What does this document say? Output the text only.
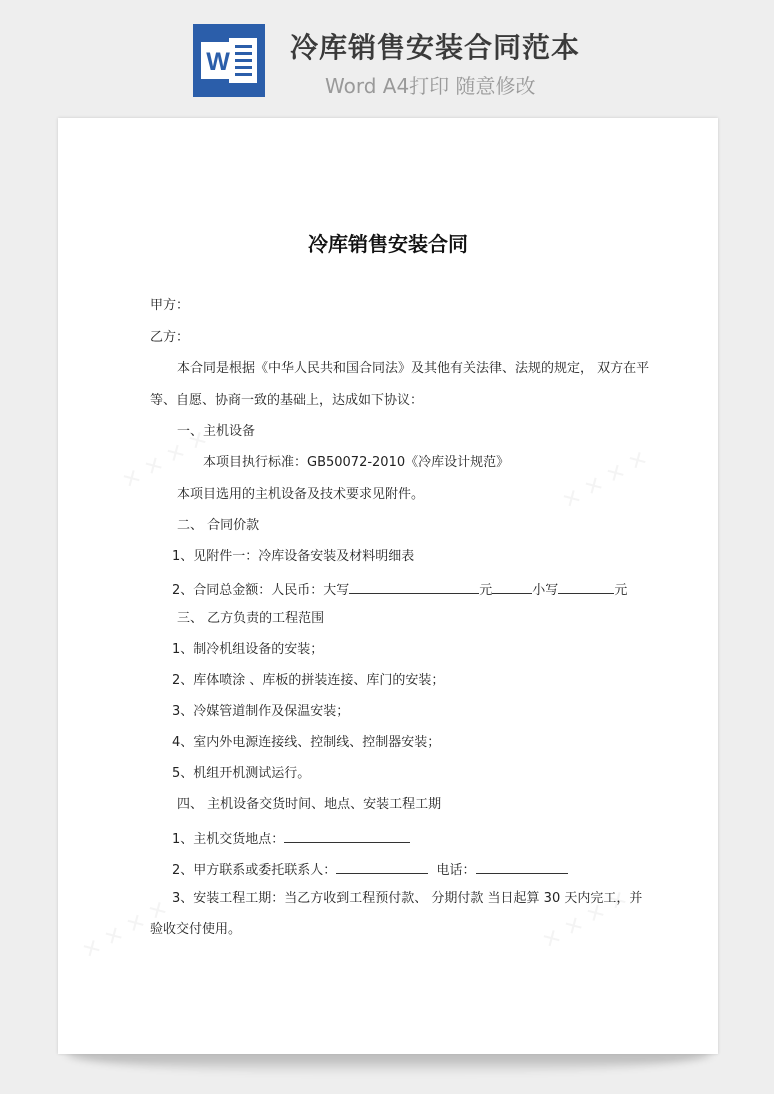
W 冷库销售安装合同范本
Word A4打印 随意修改
冷库销售安装合同
甲方：
乙方：
本合同是根据《中华人民共和国合同法》及其他有关法律、法规的规定， 双方在平
等、自愿、协商一致的基础上，达成如下协议：
一、主机设备
本项目执行标准：GB50072-2010《冷库设计规范》
本项目选用的主机设备及技术要求见附件。
二、 合同价款
1、见附件一：冷库设备安装及材料明细表
2、合同总金额：人民币：大写	元	小写	元
三、 乙方负责的工程范围
1、制冷机组设备的安装；
2、库体喷涂 、库板的拼装连接、库门的安装；
3、冷媒管道制作及保温安装；
4、室内外电源连接线、控制线、控制器安装；
5、机组开机测试运行。
四、 主机设备交货时间、地点、安装工程工期
1、主机交货地点：
2、甲方联系或委托联系人：	电话：
3、安装工程工期：当乙方收到工程预付款、 分期付款 当日起算 30 天内完工，并
验收交付使用。
